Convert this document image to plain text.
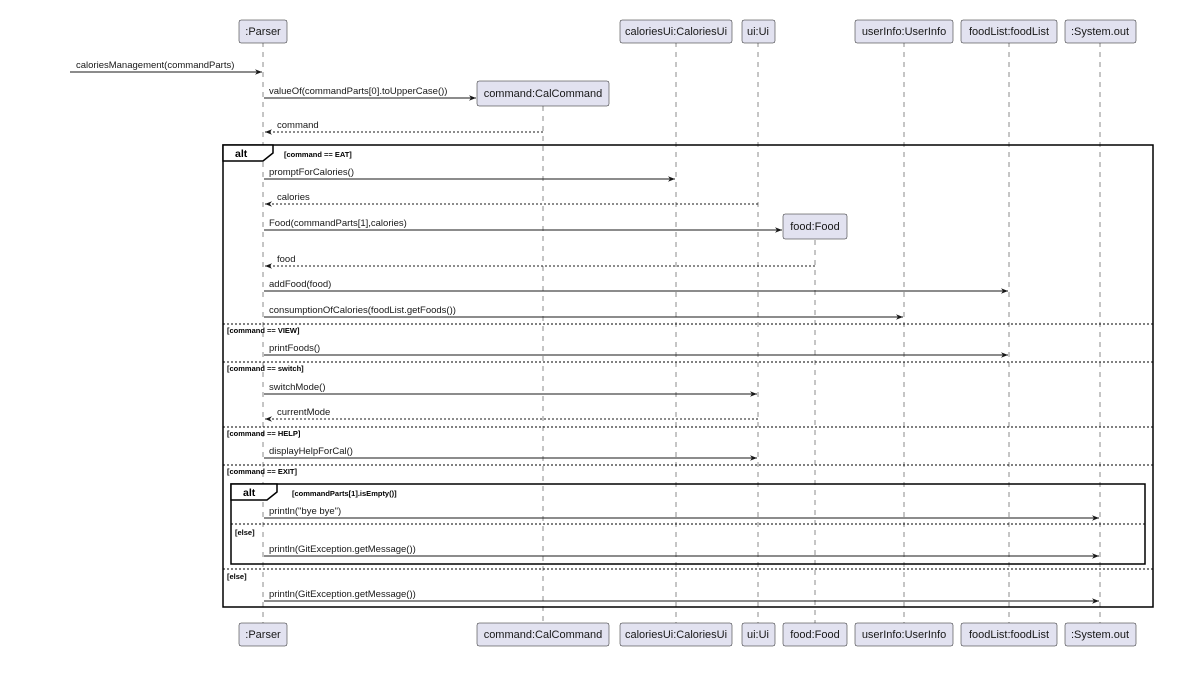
alt	[command == EAT]
[command == VIEW]
[command == switch]
[command == HELP]
[command == EXIT]
[else]
alt	[commandParts[1].isEmpty()]
[else]
:Parser	caloriesUi:CaloriesUi ui:Ui	userInfo:UserInfo foodList:foodList :System.out
command:CalCommand
food:Food
:Parser	command:CalCommand caloriesUi:CaloriesUi ui:Ui food:Food userInfo:UserInfo foodList:foodList :System.out
caloriesManagement(commandParts)
valueOf(commandParts[0].toUpperCase())
command
promptForCalories()
calories
Food(commandParts[1],calories)
food
addFood(food)
consumptionOfCalories(foodList.getFoods())
printFoods()
switchMode()
currentMode
displayHelpForCal()
println("bye bye")
println(GitException.getMessage())
println(GitException.getMessage())
